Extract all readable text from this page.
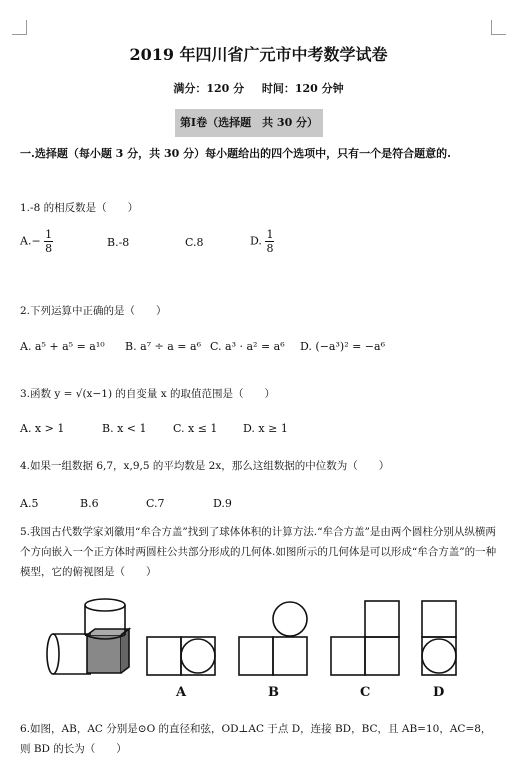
2019 年四川省广元市中考数学试卷
满分：120 分 时间：120 分钟
第Ⅰ卷（选择题　共 30 分）
一.选择题（每小题 3 分，共 30 分）每小题给出的四个选项中，只有一个是符合题意的.
1.-8 的相反数是（　　）
$A.- \frac{1}{8}$	B.-8	C.8	D. $\frac{1}{8}$
2.下列运算中正确的是（　　）
A. a⁵ + a⁵ = a¹⁰ B. a⁷ ÷ a = a⁶ C. a³ · a² = a⁶ D. (−a³)² = −a⁶
3.函数 y = √(x−1) 的自变量 x 的取值范围是（　　）
A. x > 1	B. x < 1 C. x ≤ 1 D. x ≥ 1
4.如果一组数据 6,7，x,9,5 的平均数是 2x，那么这组数据的中位数为（　　）
A.5	B.6	C.7	D.9
5.我国古代数学家刘徽用“牟合方盖”找到了球体体积的计算方法.“牟合方盖”是由两个圆柱分别从纵横两个方向嵌入一个正方体时两圆柱公共部分形成的几何体.如图所示的几何体是可以形成“牟合方盖”的一种模型，它的俯视图是（　　）
A	B	C	D
6.如图，AB，AC 分别是⊙O 的直径和弦，OD⊥AC 于点 D，连接 BD，BC，且 AB=10，AC=8，则 BD 的长为（　　）
